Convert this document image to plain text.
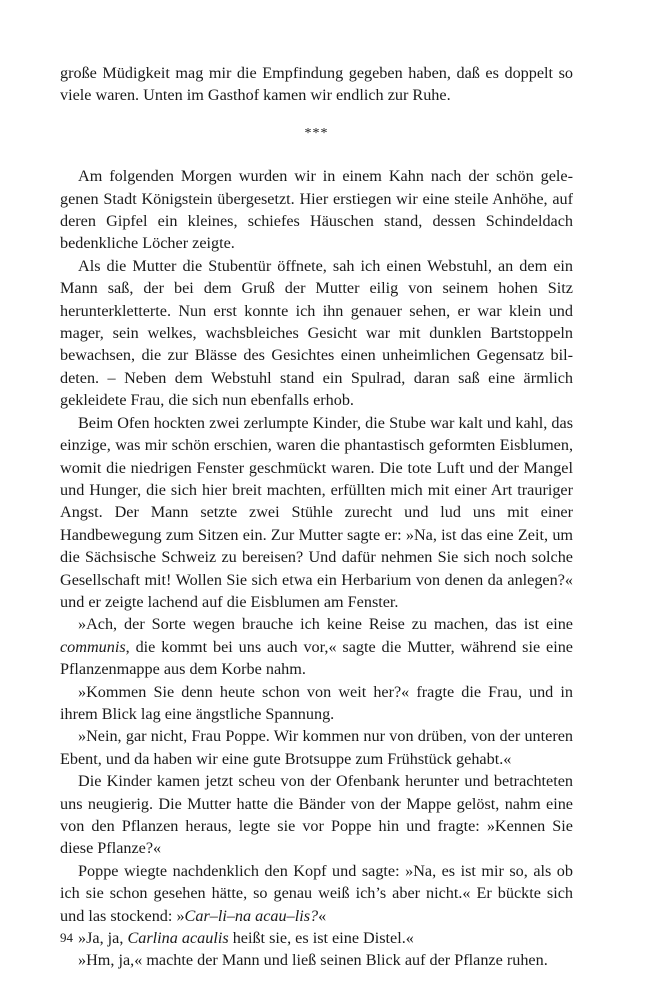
große Müdigkeit mag mir die Empfindung gegeben haben, daß es doppelt so viele waren. Unten im Gasthof kamen wir endlich zur Ruhe.

***

Am folgenden Morgen wurden wir in einem Kahn nach der schön gelegenen Stadt Königstein übergesetzt. Hier erstiegen wir eine steile Anhöhe, auf deren Gipfel ein kleines, schiefes Häuschen stand, dessen Schindeldach bedenkliche Löcher zeigte.

Als die Mutter die Stubentür öffnete, sah ich einen Webstuhl, an dem ein Mann saß, der bei dem Gruß der Mutter eilig von seinem hohen Sitz herunterkletterte. Nun erst konnte ich ihn genauer sehen, er war klein und mager, sein welkes, wachsbleiches Gesicht war mit dunklen Bartstoppeln bewachsen, die zur Blässe des Gesichtes einen unheimlichen Gegensatz bildeten. – Neben dem Webstuhl stand ein Spulrad, daran saß eine ärmlich gekleidete Frau, die sich nun ebenfalls erhob.

Beim Ofen hockten zwei zerlumpte Kinder, die Stube war kalt und kahl, das einzige, was mir schön erschien, waren die phantastisch geformten Eisblumen, womit die niedrigen Fenster geschmückt waren. Die tote Luft und der Mangel und Hunger, die sich hier breit machten, erfüllten mich mit einer Art trauriger Angst. Der Mann setzte zwei Stühle zurecht und lud uns mit einer Handbewegung zum Sitzen ein. Zur Mutter sagte er: »Na, ist das eine Zeit, um die Sächsische Schweiz zu bereisen? Und dafür nehmen Sie sich noch solche Gesellschaft mit! Wollen Sie sich etwa ein Herbarium von denen da anlegen?« und er zeigte lachend auf die Eisblumen am Fenster.

»Ach, der Sorte wegen brauche ich keine Reise zu machen, das ist eine communis, die kommt bei uns auch vor,« sagte die Mutter, während sie eine Pflanzenmappe aus dem Korbe nahm.

»Kommen Sie denn heute schon von weit her?« fragte die Frau, und in ihrem Blick lag eine ängstliche Spannung.

»Nein, gar nicht, Frau Poppe. Wir kommen nur von drüben, von der unteren Ebent, und da haben wir eine gute Brotsuppe zum Frühstück gehabt.«

Die Kinder kamen jetzt scheu von der Ofenbank herunter und betrachteten uns neugierig. Die Mutter hatte die Bänder von der Mappe gelöst, nahm eine von den Pflanzen heraus, legte sie vor Poppe hin und fragte: »Kennen Sie diese Pflanze?«

Poppe wiegte nachdenklich den Kopf und sagte: »Na, es ist mir so, als ob ich sie schon gesehen hätte, so genau weiß ich’s aber nicht.« Er bückte sich und las stockend: »Car–li–na acau–lis?«

»Ja, ja, Carlina acaulis heißt sie, es ist eine Distel.«

»Hm, ja,« machte der Mann und ließ seinen Blick auf der Pflanze ruhen.

94
